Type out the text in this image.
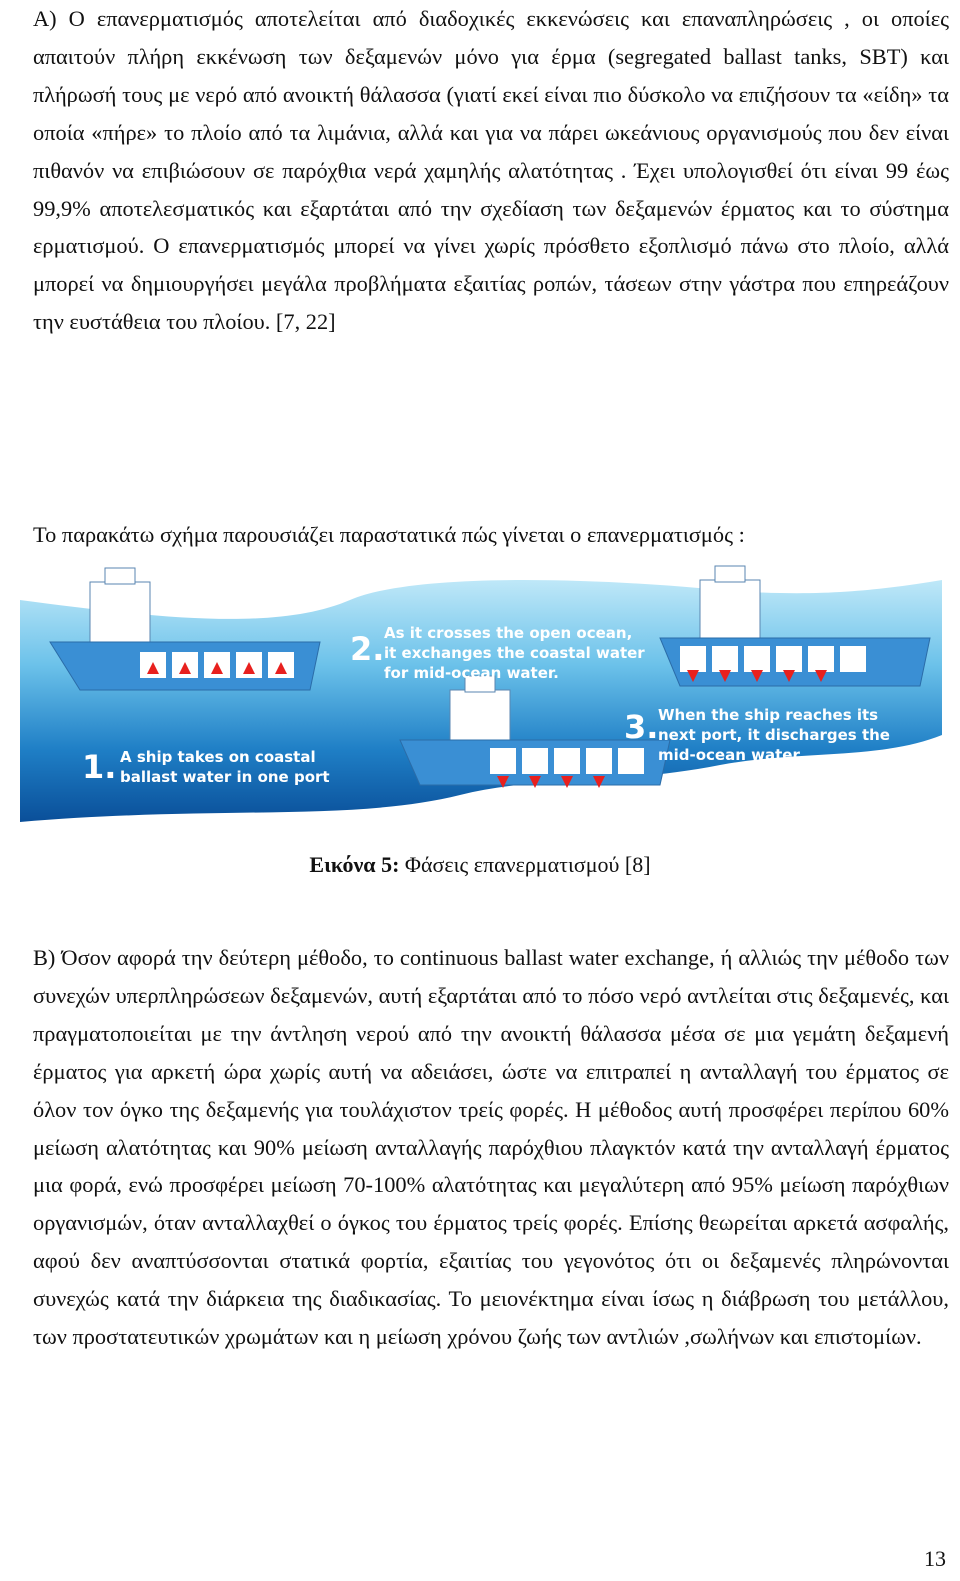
A) Ο επανερματισμός αποτελείται από διαδοχικές εκκενώσεις και επαναπληρώσεις , οι οποίες απαιτούν πλήρη εκκένωση των δεξαμενών μόνο για έρμα (segregated ballast tanks, SBT) και πλήρωσή τους με νερό από ανοικτή θάλασσα (γιατί εκεί είναι πιο δύσκολο να επιζήσουν τα «είδη» τα οποία «πήρε» το πλοίο από τα λιμάνια, αλλά και για να πάρει ωκεάνιους οργανισμούς που δεν είναι πιθανόν να επιβιώσουν σε παρόχθια νερά χαμηλής αλατότητας . Έχει υπολογισθεί ότι είναι 99 έως 99,9% αποτελεσματικός και εξαρτάται από την σχεδίαση των δεξαμενών έρματος και το σύστημα ερματισμού. Ο επανερματισμός μπορεί να γίνει χωρίς πρόσθετο εξοπλισμό πάνω στο πλοίο, αλλά μπορεί να δημιουργήσει μεγάλα προβλήματα εξαιτίας ροπών, τάσεων στην γάστρα που επηρεάζουν την ευστάθεια του πλοίου. [7, 22]

Το παρακάτω σχήμα παρουσιάζει παραστατικά πώς γίνεται ο επανερματισμός :

1. A ship takes on coastal
ballast water in one port
2. As it crosses the open ocean,
it exchanges the coastal water
for mid-ocean water.
3. When the ship reaches its
next port, it discharges the
mid-ocean water.

Εικόνα 5: Φάσεις επανερματισμού [8]

B) Όσον αφορά την δεύτερη μέθοδο, το continuous ballast water exchange, ή αλλιώς την μέθοδο των συνεχών υπερπληρώσεων δεξαμενών, αυτή εξαρτάται από το πόσο νερό αντλείται στις δεξαμενές, και πραγματοποιείται με την άντληση νερού από την ανοικτή θάλασσα μέσα σε μια γεμάτη δεξαμενή έρματος για αρκετή ώρα χωρίς αυτή να αδειάσει, ώστε να επιτραπεί η ανταλλαγή του έρματος σε όλον τον όγκο της δεξαμενής για τουλάχιστον τρείς φορές. Η μέθοδος αυτή προσφέρει περίπου 60% μείωση αλατότητας και 90% μείωση ανταλλαγής παρόχθιου πλαγκτόν κατά την ανταλλαγή έρματος μια φορά, ενώ προσφέρει μείωση 70-100% αλατότητας και μεγαλύτερη από 95% μείωση παρόχθιων οργανισμών, όταν ανταλλαχθεί ο όγκος του έρματος τρείς φορές. Επίσης θεωρείται αρκετά ασφαλής, αφού δεν αναπτύσσονται στατικά φορτία, εξαιτίας του γεγονότος ότι οι δεξαμενές πληρώνονται συνεχώς κατά την διάρκεια της διαδικασίας. Το μειονέκτημα είναι ίσως η διάβρωση του μετάλλου, των προστατευτικών χρωμάτων και η μείωση χρόνου ζωής των αντλιών ,σωλήνων και επιστομίων.

13
